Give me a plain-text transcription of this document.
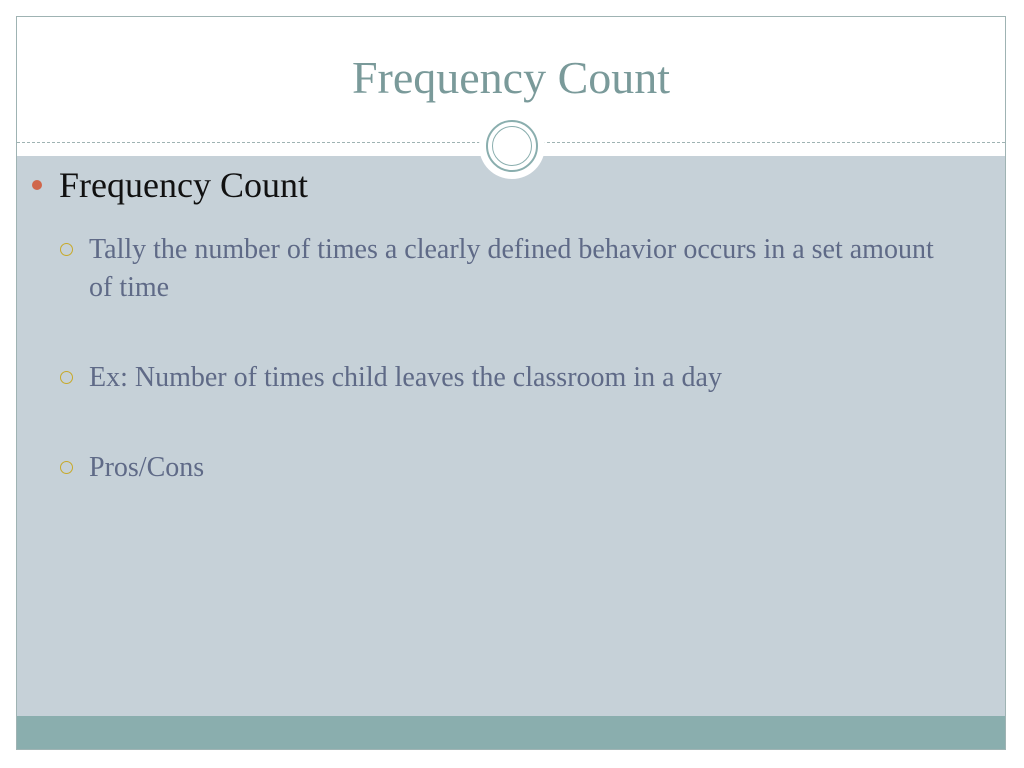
Frequency Count
Frequency Count
Tally the number of times a clearly defined behavior occurs in a set amount of time
Ex: Number of times child leaves the classroom in a day
Pros/Cons
